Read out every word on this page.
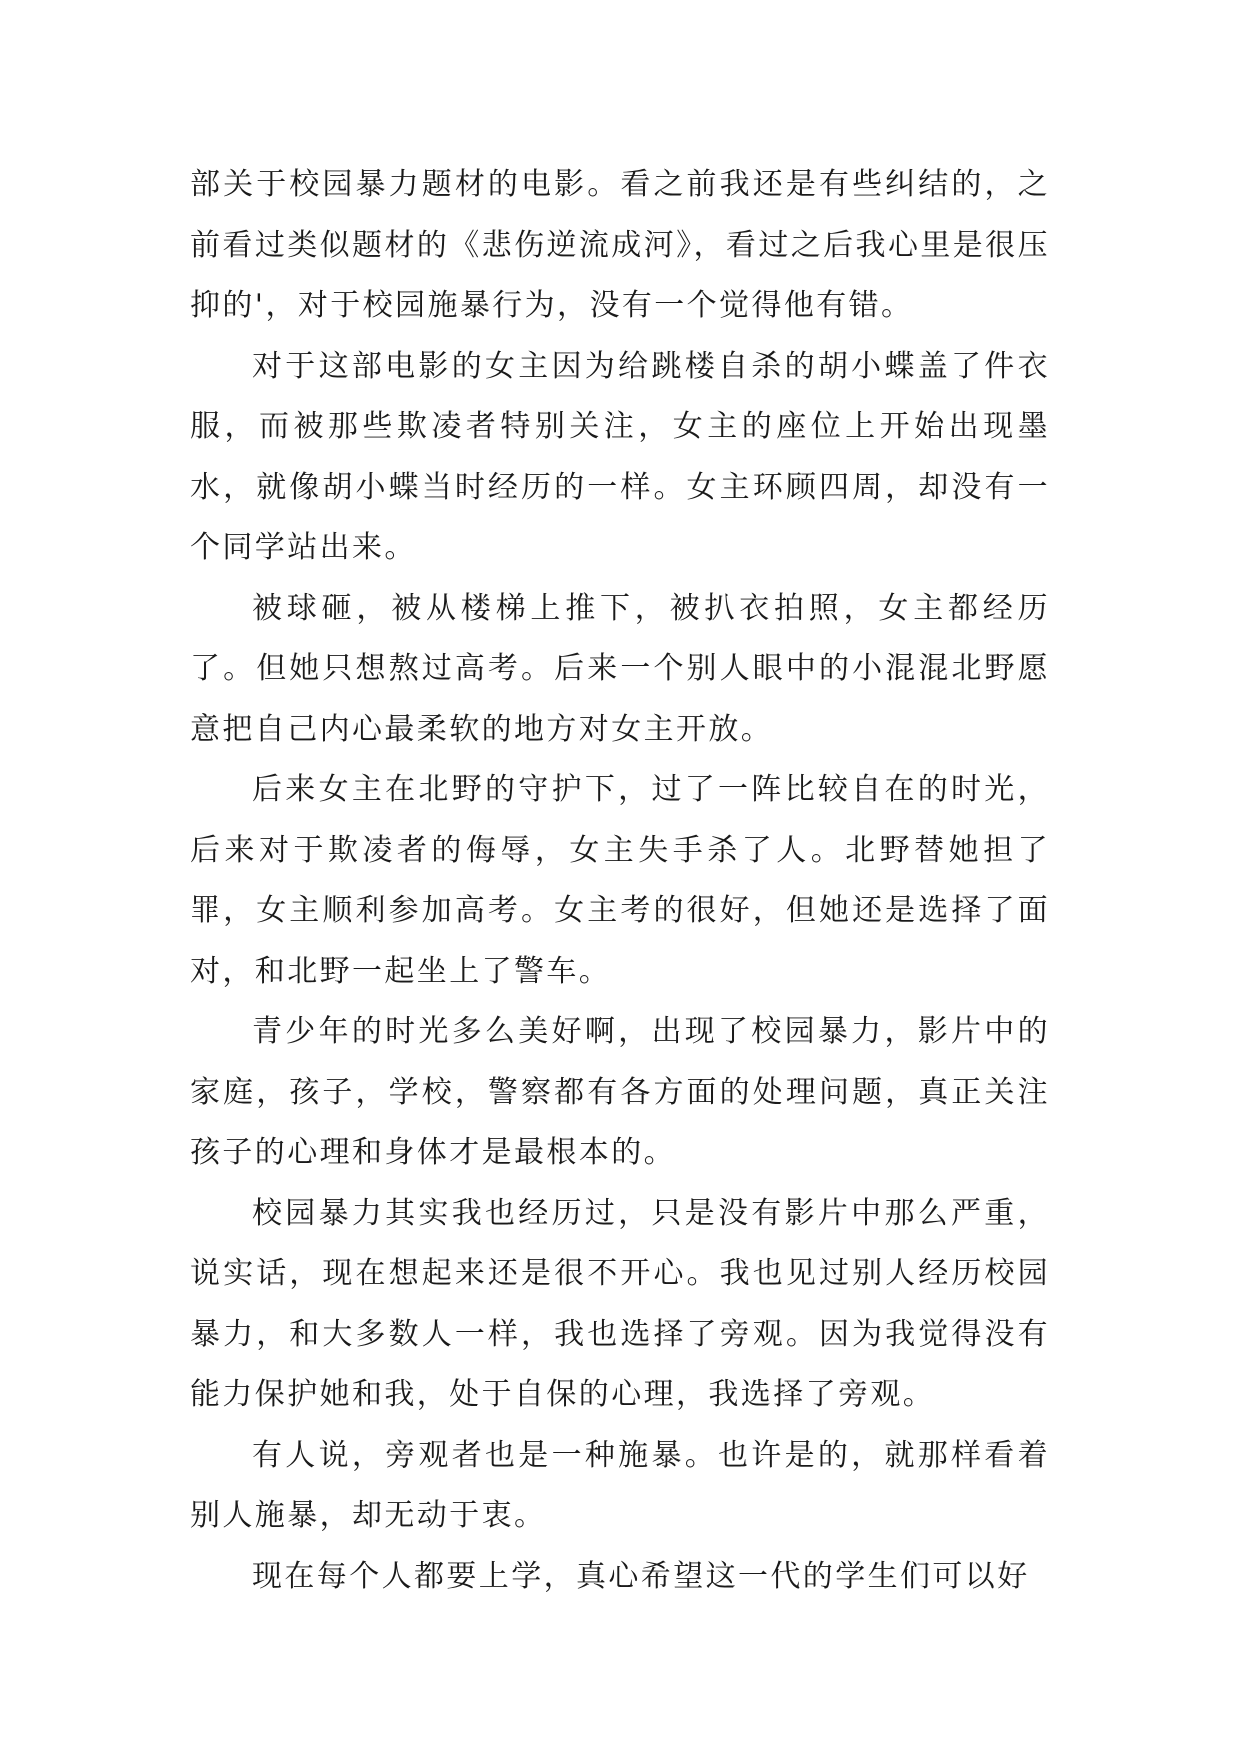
部关于校园暴力题材的电影。看之前我还是有些纠结的，之前看过类似题材的《悲伤逆流成河》，看过之后我心里是很压抑的'，对于校园施暴行为，没有一个觉得他有错。

对于这部电影的女主因为给跳楼自杀的胡小蝶盖了件衣服，而被那些欺凌者特别关注，女主的座位上开始出现墨水，就像胡小蝶当时经历的一样。女主环顾四周，却没有一个同学站出来。

被球砸，被从楼梯上推下，被扒衣拍照，女主都经历了。但她只想熬过高考。后来一个别人眼中的小混混北野愿意把自己内心最柔软的地方对女主开放。

后来女主在北野的守护下，过了一阵比较自在的时光，后来对于欺凌者的侮辱，女主失手杀了人。北野替她担了罪，女主顺利参加高考。女主考的很好，但她还是选择了面对，和北野一起坐上了警车。

青少年的时光多么美好啊，出现了校园暴力，影片中的家庭，孩子，学校，警察都有各方面的处理问题，真正关注孩子的心理和身体才是最根本的。

校园暴力其实我也经历过，只是没有影片中那么严重，说实话，现在想起来还是很不开心。我也见过别人经历校园暴力，和大多数人一样，我也选择了旁观。因为我觉得没有能力保护她和我，处于自保的心理，我选择了旁观。

有人说，旁观者也是一种施暴。也许是的，就那样看着别人施暴，却无动于衷。

现在每个人都要上学，真心希望这一代的学生们可以好
